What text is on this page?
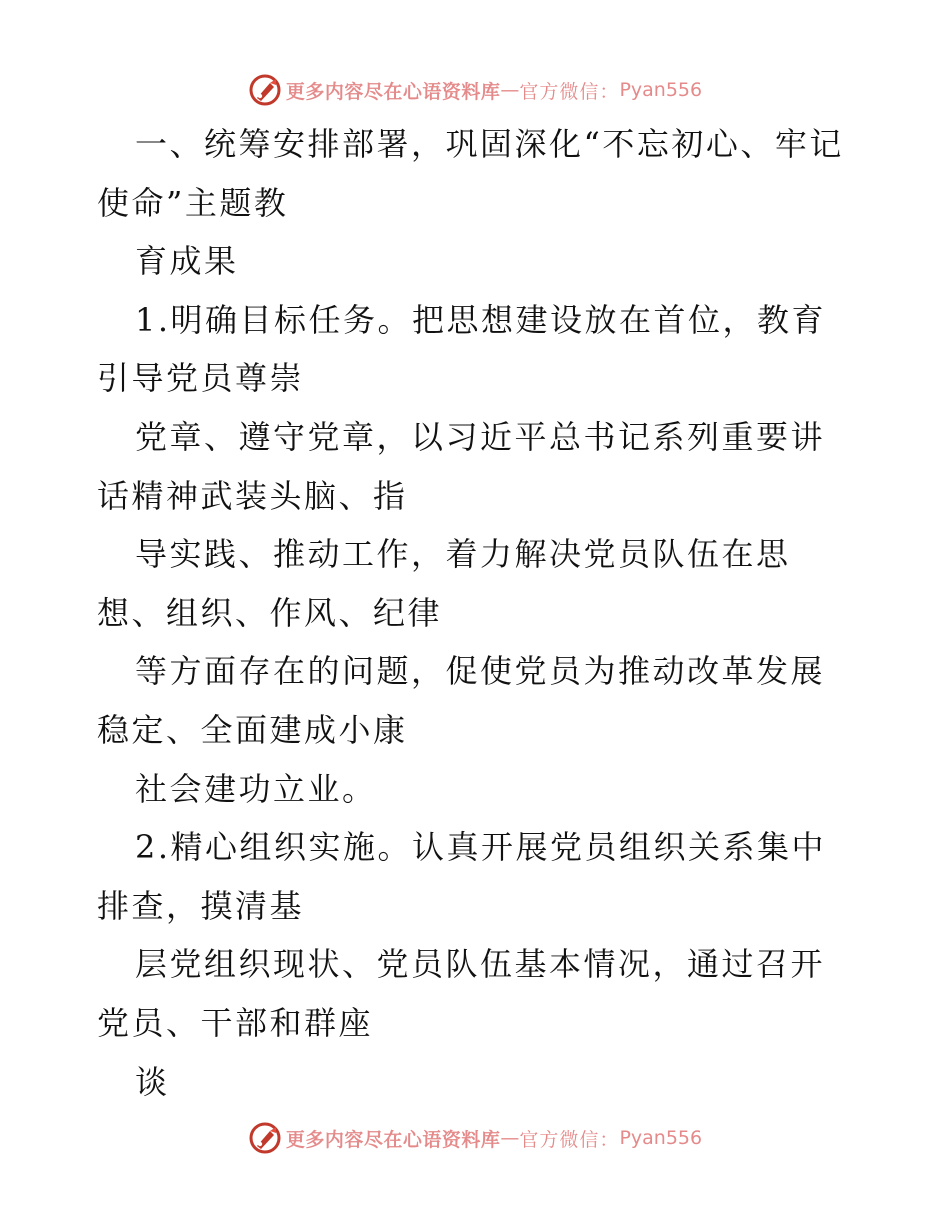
更多内容尽在心语资料库 — 官方微信： Pyan556

一、统筹安排部署，巩固深化“不忘初心、牢记使命”主题教

育成果

1.明确目标任务。把思想建设放在首位，教育引导党员尊崇

党章、遵守党章，以习近平总书记系列重要讲话精神武装头脑、指

导实践、推动工作，着力解决党员队伍在思想、组织、作风、纪律

等方面存在的问题，促使党员为推动改革发展稳定、全面建成小康

社会建功立业。

2.精心组织实施。认真开展党员组织关系集中排查，摸清基

层党组织现状、党员队伍基本情况，通过召开党员、干部和群座

谈

更多内容尽在心语资料库 — 官方微信： Pyan556
